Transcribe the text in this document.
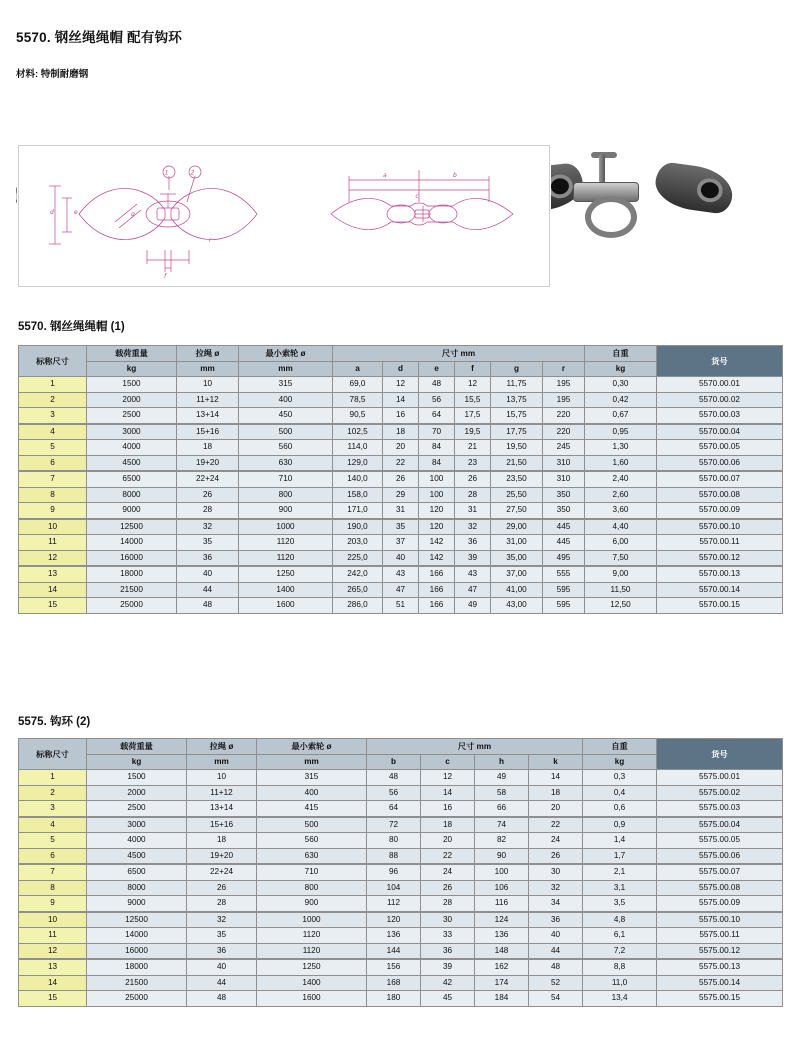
5570. 钢丝绳绳帽 配有钩环
材料: 特制耐磨钢
1	2
d	e
f
g
r
a	b
c
5570. 钢丝绳绳帽 (1)
标称尺寸	载荷重量	拉绳 ø	最小索轮 ø	尺寸 mm						自重	货号
	kg	mm	mm	a	d	e	f	g	r	kg	
1	1500	10	315	69,0	12	48	12	11,75	195	0,30	5570.00.01
2	2000	11+12	400	78,5	14	56	15,5	13,75	195	0,42	5570.00.02
3	2500	13+14	450	90,5	16	64	17,5	15,75	220	0,67	5570.00.03
4	3000	15+16	500	102,5	18	70	19,5	17,75	220	0,95	5570.00.04
5	4000	18	560	114,0	20	84	21	19,50	245	1,30	5570.00.05
6	4500	19+20	630	129,0	22	84	23	21,50	310	1,60	5570.00.06
7	6500	22+24	710	140,0	26	100	26	23,50	310	2,40	5570.00.07
8	8000	26	800	158,0	29	100	28	25,50	350	2,60	5570.00.08
9	9000	28	900	171,0	31	120	31	27,50	350	3,60	5570.00.09
10	12500	32	1000	190,0	35	120	32	29,00	445	4,40	5570.00.10
11	14000	35	1120	203,0	37	142	36	31,00	445	6,00	5570.00.11
12	16000	36	1120	225,0	40	142	39	35,00	495	7,50	5570.00.12
13	18000	40	1250	242,0	43	166	43	37,00	555	9,00	5570.00.13
14	21500	44	1400	265,0	47	166	47	41,00	595	11,50	5570.00.14
15	25000	48	1600	286,0	51	166	49	43,00	595	12,50	5570.00.15
5575. 钩环 (2)
标称尺寸	载荷重量	拉绳 ø	最小索轮 ø	尺寸 mm				自重	货号
	kg	mm	mm	b	c	h	k	kg	
1	1500	10	315	48	12	49	14	0,3	5575.00.01
2	2000	11+12	400	56	14	58	18	0,4	5575.00.02
3	2500	13+14	415	64	16	66	20	0,6	5575.00.03
4	3000	15+16	500	72	18	74	22	0,9	5575.00.04
5	4000	18	560	80	20	82	24	1,4	5575.00.05
6	4500	19+20	630	88	22	90	26	1,7	5575.00.06
7	6500	22+24	710	96	24	100	30	2,1	5575.00.07
8	8000	26	800	104	26	106	32	3,1	5575.00.08
9	9000	28	900	112	28	116	34	3,5	5575.00.09
10	12500	32	1000	120	30	124	36	4,8	5575.00.10
11	14000	35	1120	136	33	136	40	6,1	5575.00.11
12	16000	36	1120	144	36	148	44	7,2	5575.00.12
13	18000	40	1250	156	39	162	48	8,8	5575.00.13
14	21500	44	1400	168	42	174	52	11,0	5575.00.14
15	25000	48	1600	180	45	184	54	13,4	5575.00.15
